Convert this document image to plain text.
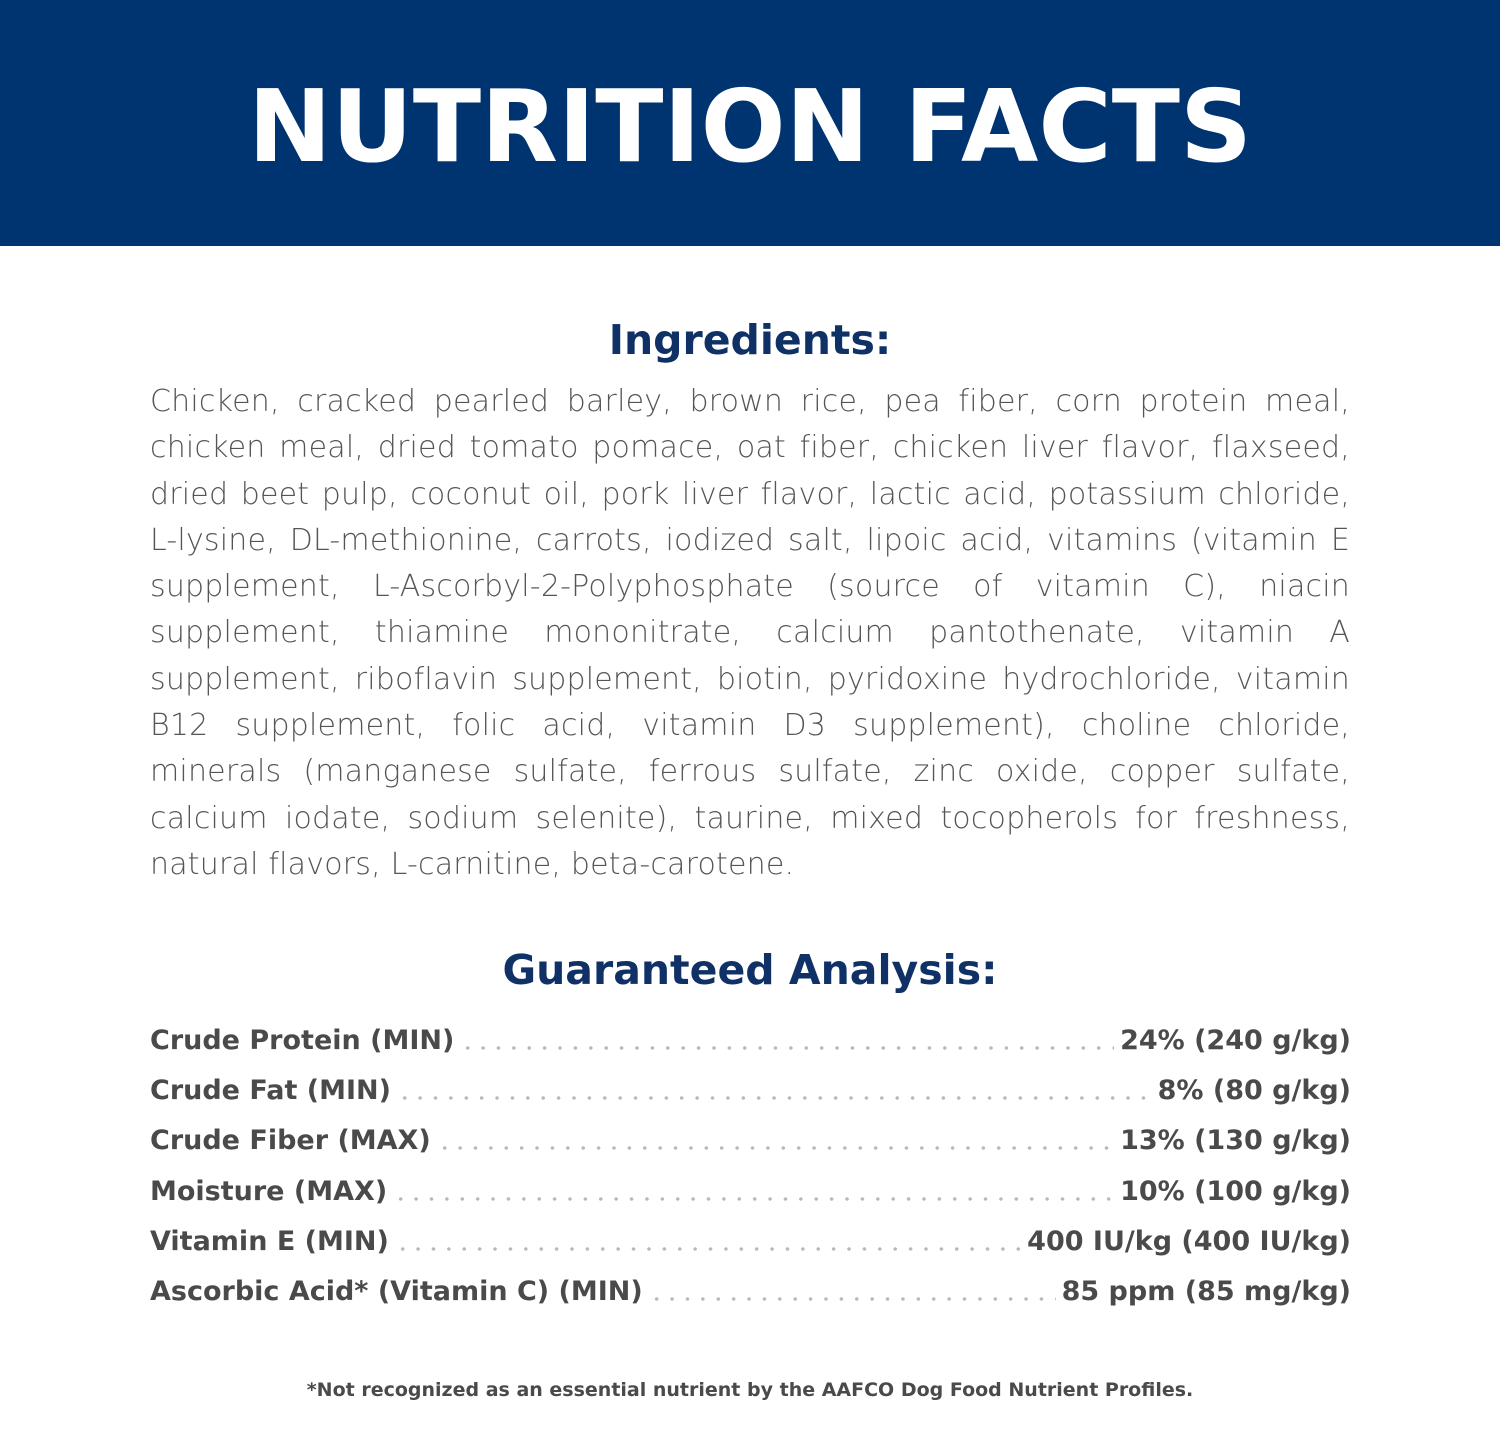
NUTRITION FACTS
Ingredients:

Chicken, cracked pearled barley, brown rice, pea fiber, corn protein meal, chicken meal, dried tomato pomace, oat fiber, chicken liver flavor, flaxseed, dried beet pulp, coconut oil, pork liver flavor, lactic acid, potassium chloride, L-lysine, DL-methionine, carrots, iodized salt, lipoic acid, vitamins (vitamin E supplement, L-Ascorbyl-2-Polyphosphate (source of vitamin C), niacin supplement, thiamine mononitrate, calcium pantothenate, vitamin A supplement, riboflavin supplement, biotin, pyridoxine hydrochloride, vitamin B12 supplement, folic acid, vitamin D3 supplement), choline chloride, minerals (manganese sulfate, ferrous sulfate, zinc oxide, copper sulfate, calcium iodate, sodium selenite), taurine, mixed tocopherols for freshness, natural flavors, L-carnitine, beta-carotene.

Guaranteed Analysis:
Crude Protein (MIN)	24% (240 g/kg)
Crude Fat (MIN)	8% (80 g/kg)
Crude Fiber (MAX)	13% (130 g/kg)
Moisture (MAX)	10% (100 g/kg)
Vitamin E (MIN)	400 IU/kg (400 IU/kg)
Ascorbic Acid* (Vitamin C) (MIN)	85 ppm (85 mg/kg)

*Not recognized as an essential nutrient by the AAFCO Dog Food Nutrient Profiles.
